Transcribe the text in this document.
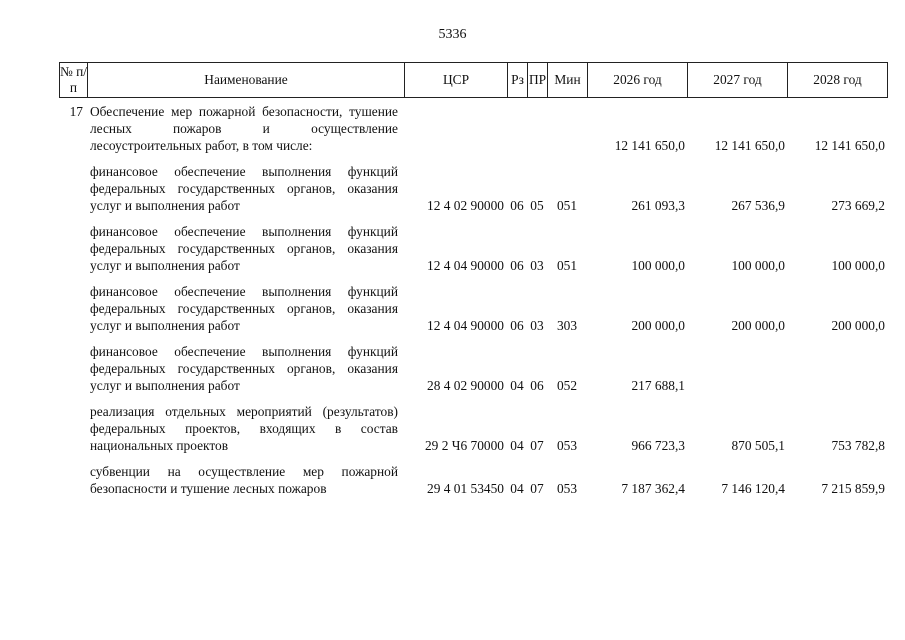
5336
№ п/п	Наименование	ЦСР	Рз	ПР	Мин	2026 год	2027 год	2028 год
17	Обеспечение мер пожарной безопасности, тушение лесных пожаров и осуществление лесоустроительных работ, в том числе:					12 141 650,0	12 141 650,0	12 141 650,0
	финансовое обеспечение выполнения функций федеральных государственных органов, оказания услуг и выполнения работ	12 4 02 90000	06	05	051	261 093,3	267 536,9	273 669,2
	финансовое обеспечение выполнения функций федеральных государственных органов, оказания услуг и выполнения работ	12 4 04 90000	06	03	051	100 000,0	100 000,0	100 000,0
	финансовое обеспечение выполнения функций федеральных государственных органов, оказания услуг и выполнения работ	12 4 04 90000	06	03	303	200 000,0	200 000,0	200 000,0
	финансовое обеспечение выполнения функций федеральных государственных органов, оказания услуг и выполнения работ	28 4 02 90000	04	06	052	217 688,1		
	реализация отдельных мероприятий (результатов) федеральных проектов, входящих в состав национальных проектов	29 2 Ч6 70000	04	07	053	966 723,3	870 505,1	753 782,8
	субвенции на осуществление мер пожарной безопасности и тушение лесных пожаров	29 4 01 53450	04	07	053	7 187 362,4	7 146 120,4	7 215 859,9
